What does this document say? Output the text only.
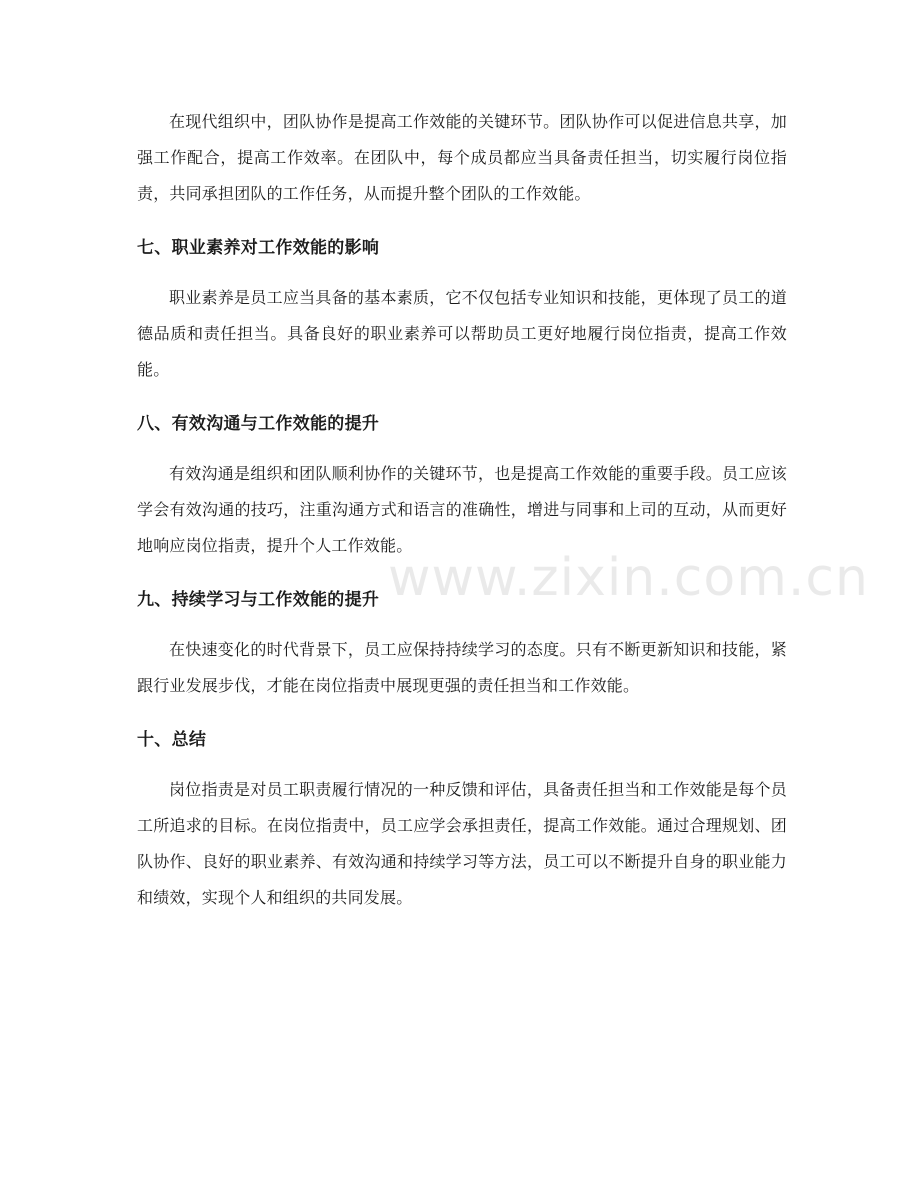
在现代组织中，团队协作是提高工作效能的关键环节。团队协作可以促进信息共享，加强工作配合，提高工作效率。在团队中，每个成员都应当具备责任担当，切实履行岗位指责，共同承担团队的工作任务，从而提升整个团队的工作效能。

七、职业素养对工作效能的影响

职业素养是员工应当具备的基本素质，它不仅包括专业知识和技能，更体现了员工的道德品质和责任担当。具备良好的职业素养可以帮助员工更好地履行岗位指责，提高工作效能。

八、有效沟通与工作效能的提升

有效沟通是组织和团队顺利协作的关键环节，也是提高工作效能的重要手段。员工应该学会有效沟通的技巧，注重沟通方式和语言的准确性，增进与同事和上司的互动，从而更好地响应岗位指责，提升个人工作效能。

九、持续学习与工作效能的提升

在快速变化的时代背景下，员工应保持持续学习的态度。只有不断更新知识和技能，紧跟行业发展步伐，才能在岗位指责中展现更强的责任担当和工作效能。

十、总结

岗位指责是对员工职责履行情况的一种反馈和评估，具备责任担当和工作效能是每个员工所追求的目标。在岗位指责中，员工应学会承担责任，提高工作效能。通过合理规划、团队协作、良好的职业素养、有效沟通和持续学习等方法，员工可以不断提升自身的职业能力和绩效，实现个人和组织的共同发展。

www.zixin.com.cn
